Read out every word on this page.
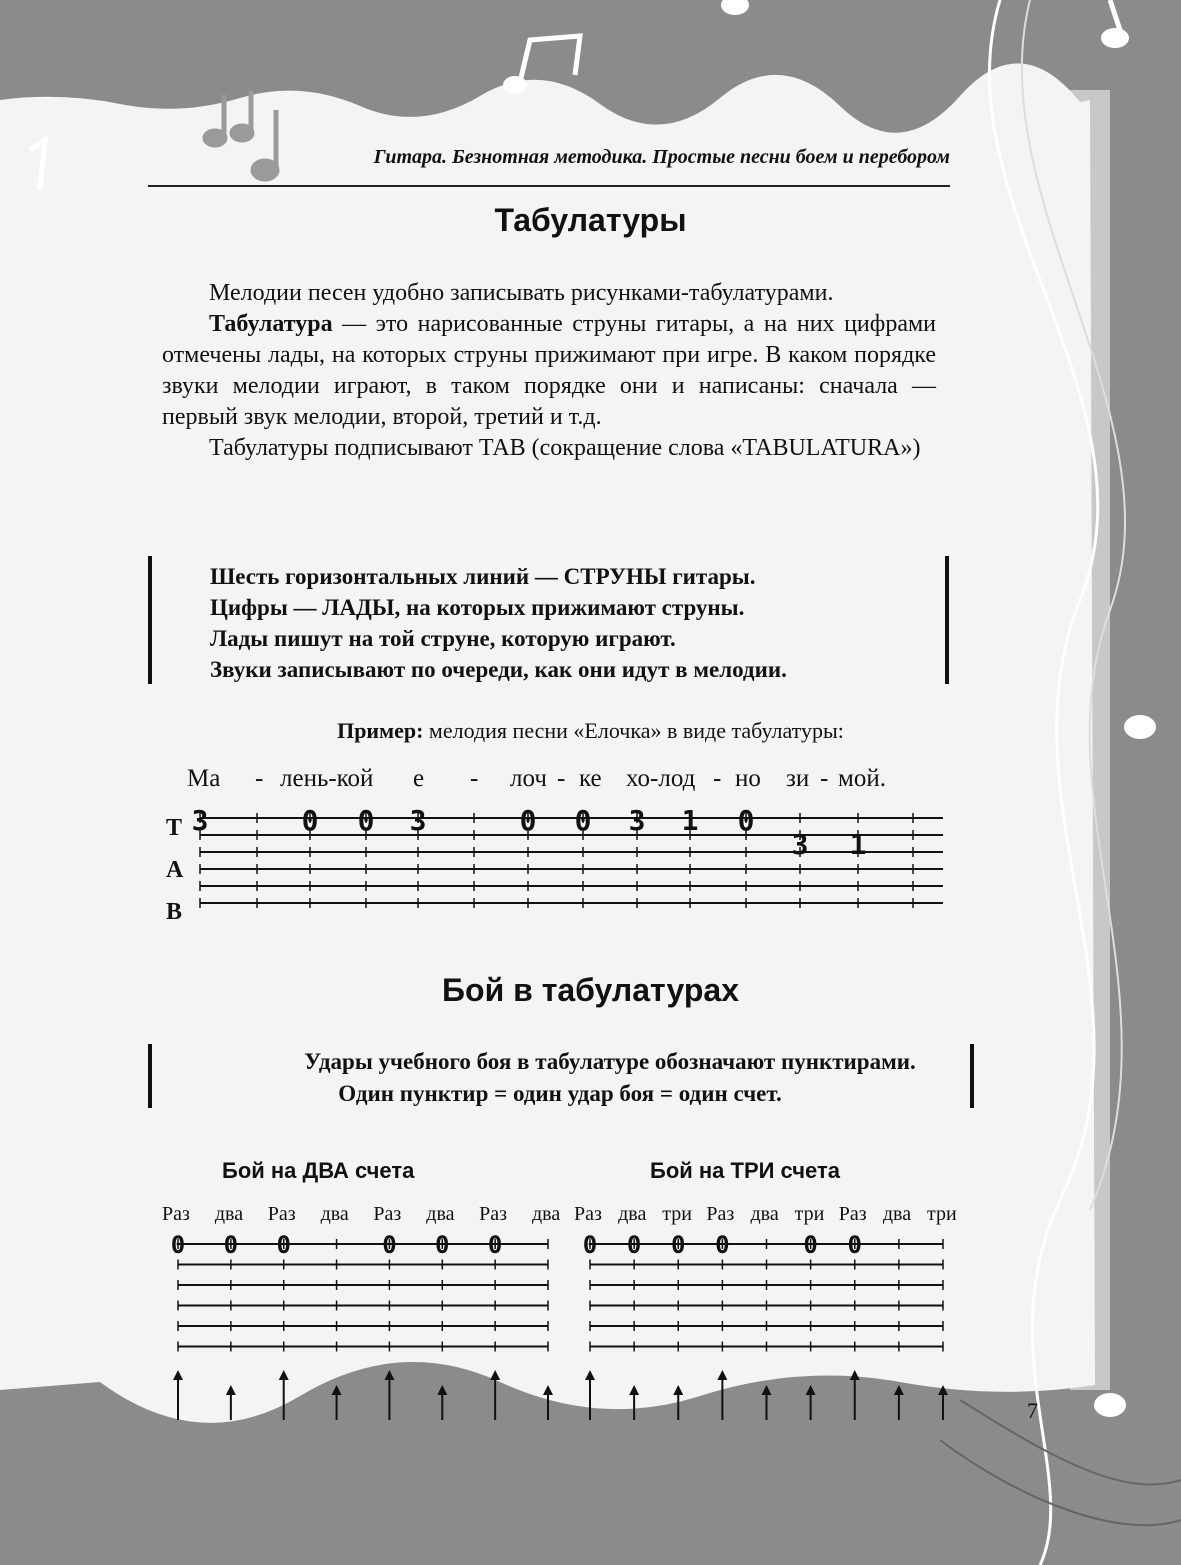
Гитара. Безнотная методика. Простые песни боем и перебором
Табулатуры

Мелодии песен удобно записывать рисунками-табулатурами.

Табулатура — это нарисованные струны гитары, а на них цифрами отмечены лады, на которых струны прижимают при игре. В каком порядке звуки мелодии играют, в таком порядке они и написаны: сначала — первый звук мелодии, второй, третий и т.д.

Табулатуры подписывают ТАВ (сокращение слова «TABULATURA»)

Шесть горизонтальных линий — СТРУНЫ гитары.
Цифры — ЛАДЫ, на которых прижимают струны.
Лады пишут на той струне, которую играют.
Звуки записывают по очереди, как они идут в мелодии.
Пример: мелодия песни «Елочка» в виде табулатуры:
Ма - лень-кой е - лоч - ке хо-лод - но зи - мой.
T
A
B
3	0 0 3	0 0 3 1 0
3 1
Бой в табулатурах
Удары учебного боя в табулатуре обозначают пунктирами.
Один пунктир = один удар боя = один счет.
Бой на ДВА счета	Бой на ТРИ счета
Раз два Раз два Раз два Раз два Раз два три Раз два три Раз два три
0 0 0	0 0 0	0 0 0 0	0 0
7
